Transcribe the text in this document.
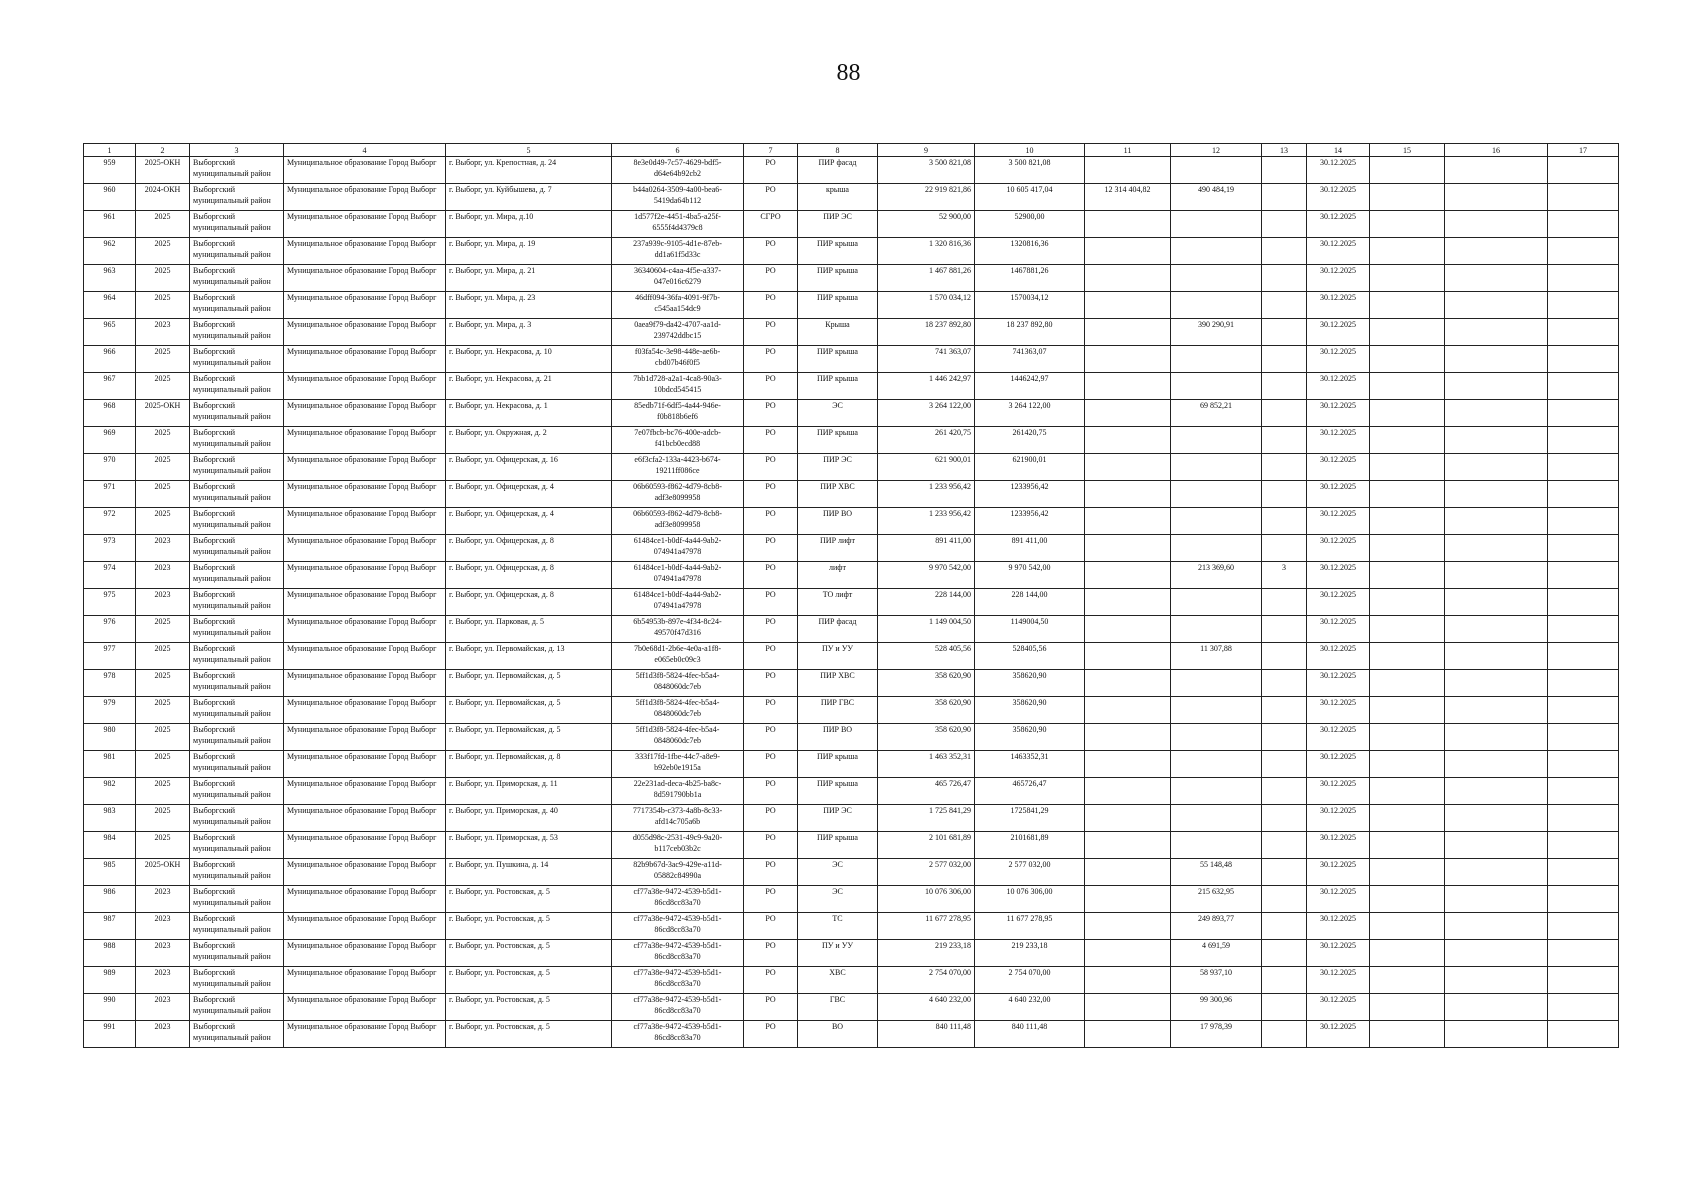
88
1	2	3	4	5	6	7	8	9	10	11	12	13	14	15	16	17
959	2025-ОКН	Выборгский муниципальный район	Муниципальное образование Город Выборг	г. Выборг, ул. Крепостная, д. 24	8e3e0d49-7c57-4629-bdf5-d64e64b92cb2	РО	ПИР фасад	3 500 821,08	3 500 821,08				30.12.2025			
960	2024-ОКН	Выборгский муниципальный район	Муниципальное образование Город Выборг	г. Выборг, ул. Куйбышева, д. 7	b44a0264-3509-4a00-bea6-5419da64b112	РО	крыша	22 919 821,86	10 605 417,04	12 314 404,82	490 484,19		30.12.2025			
961	2025	Выборгский муниципальный район	Муниципальное образование Город Выборг	г. Выборг, ул. Мира, д.10	1d577f2e-4451-4ba5-a25f-6555f4d4379c8	СГРО	ПИР ЭС	52 900,00	52900,00				30.12.2025			
962	2025	Выборгский муниципальный район	Муниципальное образование Город Выборг	г. Выборг, ул. Мира, д. 19	237a939c-9105-4d1e-87eb-dd1a61f5d33c	РО	ПИР крыша	1 320 816,36	1320816,36				30.12.2025			
963	2025	Выборгский муниципальный район	Муниципальное образование Город Выборг	г. Выборг, ул. Мира, д. 21	36340604-c4aa-4f5e-a337-047e016c6279	РО	ПИР крыша	1 467 881,26	1467881,26				30.12.2025			
964	2025	Выборгский муниципальный район	Муниципальное образование Город Выборг	г. Выборг, ул. Мира, д. 23	46dff094-36fa-4091-9f7b-c545aa154dc9	РО	ПИР крыша	1 570 034,12	1570034,12				30.12.2025			
965	2023	Выборгский муниципальный район	Муниципальное образование Город Выборг	г. Выборг, ул. Мира, д. 3	0aea9f79-da42-4707-aa1d-239742ddbc15	РО	Крыша	18 237 892,80	18 237 892,80		390 290,91		30.12.2025			
966	2025	Выборгский муниципальный район	Муниципальное образование Город Выборг	г. Выборг, ул. Некрасова, д. 10	f03fa54c-3e98-448e-ae6b-cbd07b46f0f5	РО	ПИР крыша	741 363,07	741363,07				30.12.2025			
967	2025	Выборгский муниципальный район	Муниципальное образование Город Выборг	г. Выборг, ул. Некрасова, д. 21	7bb1d728-a2a1-4ca8-90a3-10bdcd545415	РО	ПИР крыша	1 446 242,97	1446242,97				30.12.2025			
968	2025-ОКН	Выборгский муниципальный район	Муниципальное образование Город Выборг	г. Выборг, ул. Некрасова, д. 1	85edb71f-6df5-4a44-946e-f0b818b6ef6	РО	ЭС	3 264 122,00	3 264 122,00		69 852,21		30.12.2025			
969	2025	Выборгский муниципальный район	Муниципальное образование Город Выборг	г. Выборг, ул. Окружная, д. 2	7e07fbcb-bc76-400e-adcb-f41bcb0ecd88	РО	ПИР крыша	261 420,75	261420,75				30.12.2025			
970	2025	Выборгский муниципальный район	Муниципальное образование Город Выборг	г. Выборг, ул. Офицерская, д. 16	e6f3cfa2-133a-4423-b674-19211ff086ce	РО	ПИР ЭС	621 900,01	621900,01				30.12.2025			
971	2025	Выборгский муниципальный район	Муниципальное образование Город Выборг	г. Выборг, ул. Офицерская, д. 4	06b60593-f862-4d79-8cb8-adf3e8099958	РО	ПИР ХВС	1 233 956,42	1233956,42				30.12.2025			
972	2025	Выборгский муниципальный район	Муниципальное образование Город Выборг	г. Выборг, ул. Офицерская, д. 4	06b60593-f862-4d79-8cb8-adf3e8099958	РО	ПИР ВО	1 233 956,42	1233956,42				30.12.2025			
973	2023	Выборгский муниципальный район	Муниципальное образование Город Выборг	г. Выборг, ул. Офицерская, д. 8	61484ce1-b0df-4a44-9ab2-074941a47978	РО	ПИР лифт	891 411,00	891 411,00				30.12.2025			
974	2023	Выборгский муниципальный район	Муниципальное образование Город Выборг	г. Выборг, ул. Офицерская, д. 8	61484ce1-b0df-4a44-9ab2-074941a47978	РО	лифт	9 970 542,00	9 970 542,00		213 369,60	3	30.12.2025			
975	2023	Выборгский муниципальный район	Муниципальное образование Город Выборг	г. Выборг, ул. Офицерская, д. 8	61484ce1-b0df-4a44-9ab2-074941a47978	РО	ТО лифт	228 144,00	228 144,00				30.12.2025			
976	2025	Выборгский муниципальный район	Муниципальное образование Город Выборг	г. Выборг, ул. Парковая, д. 5	6b54953b-897e-4f34-8c24-49570f47d316	РО	ПИР фасад	1 149 004,50	1149004,50				30.12.2025			
977	2025	Выборгский муниципальный район	Муниципальное образование Город Выборг	г. Выборг, ул. Первомайская, д. 13	7b0e68d1-2b6e-4e0a-a1f8-e065eb0c09c3	РО	ПУ и УУ	528 405,56	528405,56		11 307,88		30.12.2025			
978	2025	Выборгский муниципальный район	Муниципальное образование Город Выборг	г. Выборг, ул. Первомайская, д. 5	5ff1d3f8-5824-4fec-b5a4-0848060dc7eb	РО	ПИР ХВС	358 620,90	358620,90				30.12.2025			
979	2025	Выборгский муниципальный район	Муниципальное образование Город Выборг	г. Выборг, ул. Первомайская, д. 5	5ff1d3f8-5824-4fec-b5a4-0848060dc7eb	РО	ПИР ГВС	358 620,90	358620,90				30.12.2025			
980	2025	Выборгский муниципальный район	Муниципальное образование Город Выборг	г. Выборг, ул. Первомайская, д. 5	5ff1d3f8-5824-4fec-b5a4-0848060dc7eb	РО	ПИР ВО	358 620,90	358620,90				30.12.2025			
981	2025	Выборгский муниципальный район	Муниципальное образование Город Выборг	г. Выборг, ул. Первомайская, д. 8	333f17fd-1fbe-44c7-a8e9-b92eb0e1915a	РО	ПИР крыша	1 463 352,31	1463352,31				30.12.2025			
982	2025	Выборгский муниципальный район	Муниципальное образование Город Выборг	г. Выборг, ул. Приморская, д. 11	22e231ad-deca-4b25-ba8c-8d591790bb1a	РО	ПИР крыша	465 726,47	465726,47				30.12.2025			
983	2025	Выборгский муниципальный район	Муниципальное образование Город Выборг	г. Выборг, ул. Приморская, д. 40	7717354b-c373-4a8b-8c33-afd14c705a6b	РО	ПИР ЭС	1 725 841,29	1725841,29				30.12.2025			
984	2025	Выборгский муниципальный район	Муниципальное образование Город Выборг	г. Выборг, ул. Приморская, д. 53	d055d98c-2531-49c9-9a20-b117ceb03b2c	РО	ПИР крыша	2 101 681,89	2101681,89				30.12.2025			
985	2025-ОКН	Выборгский муниципальный район	Муниципальное образование Город Выборг	г. Выборг, ул. Пушкина, д. 14	82b9b67d-3ac9-429e-a11d-05882c84990a	РО	ЭС	2 577 032,00	2 577 032,00		55 148,48		30.12.2025			
986	2023	Выборгский муниципальный район	Муниципальное образование Город Выборг	г. Выборг, ул. Ростовская, д. 5	cf77a38e-9472-4539-b5d1-86cd8cc83a70	РО	ЭС	10 076 306,00	10 076 306,00		215 632,95		30.12.2025			
987	2023	Выборгский муниципальный район	Муниципальное образование Город Выборг	г. Выборг, ул. Ростовская, д. 5	cf77a38e-9472-4539-b5d1-86cd8cc83a70	РО	ТС	11 677 278,95	11 677 278,95		249 893,77		30.12.2025			
988	2023	Выборгский муниципальный район	Муниципальное образование Город Выборг	г. Выборг, ул. Ростовская, д. 5	cf77a38e-9472-4539-b5d1-86cd8cc83a70	РО	ПУ и УУ	219 233,18	219 233,18		4 691,59		30.12.2025			
989	2023	Выборгский муниципальный район	Муниципальное образование Город Выборг	г. Выборг, ул. Ростовская, д. 5	cf77a38e-9472-4539-b5d1-86cd8cc83a70	РО	ХВС	2 754 070,00	2 754 070,00		58 937,10		30.12.2025			
990	2023	Выборгский муниципальный район	Муниципальное образование Город Выборг	г. Выборг, ул. Ростовская, д. 5	cf77a38e-9472-4539-b5d1-86cd8cc83a70	РО	ГВС	4 640 232,00	4 640 232,00		99 300,96		30.12.2025			
991	2023	Выборгский муниципальный район	Муниципальное образование Город Выборг	г. Выборг, ул. Ростовская, д. 5	cf77a38e-9472-4539-b5d1-86cd8cc83a70	РО	ВО	840 111,48	840 111,48		17 978,39		30.12.2025			
